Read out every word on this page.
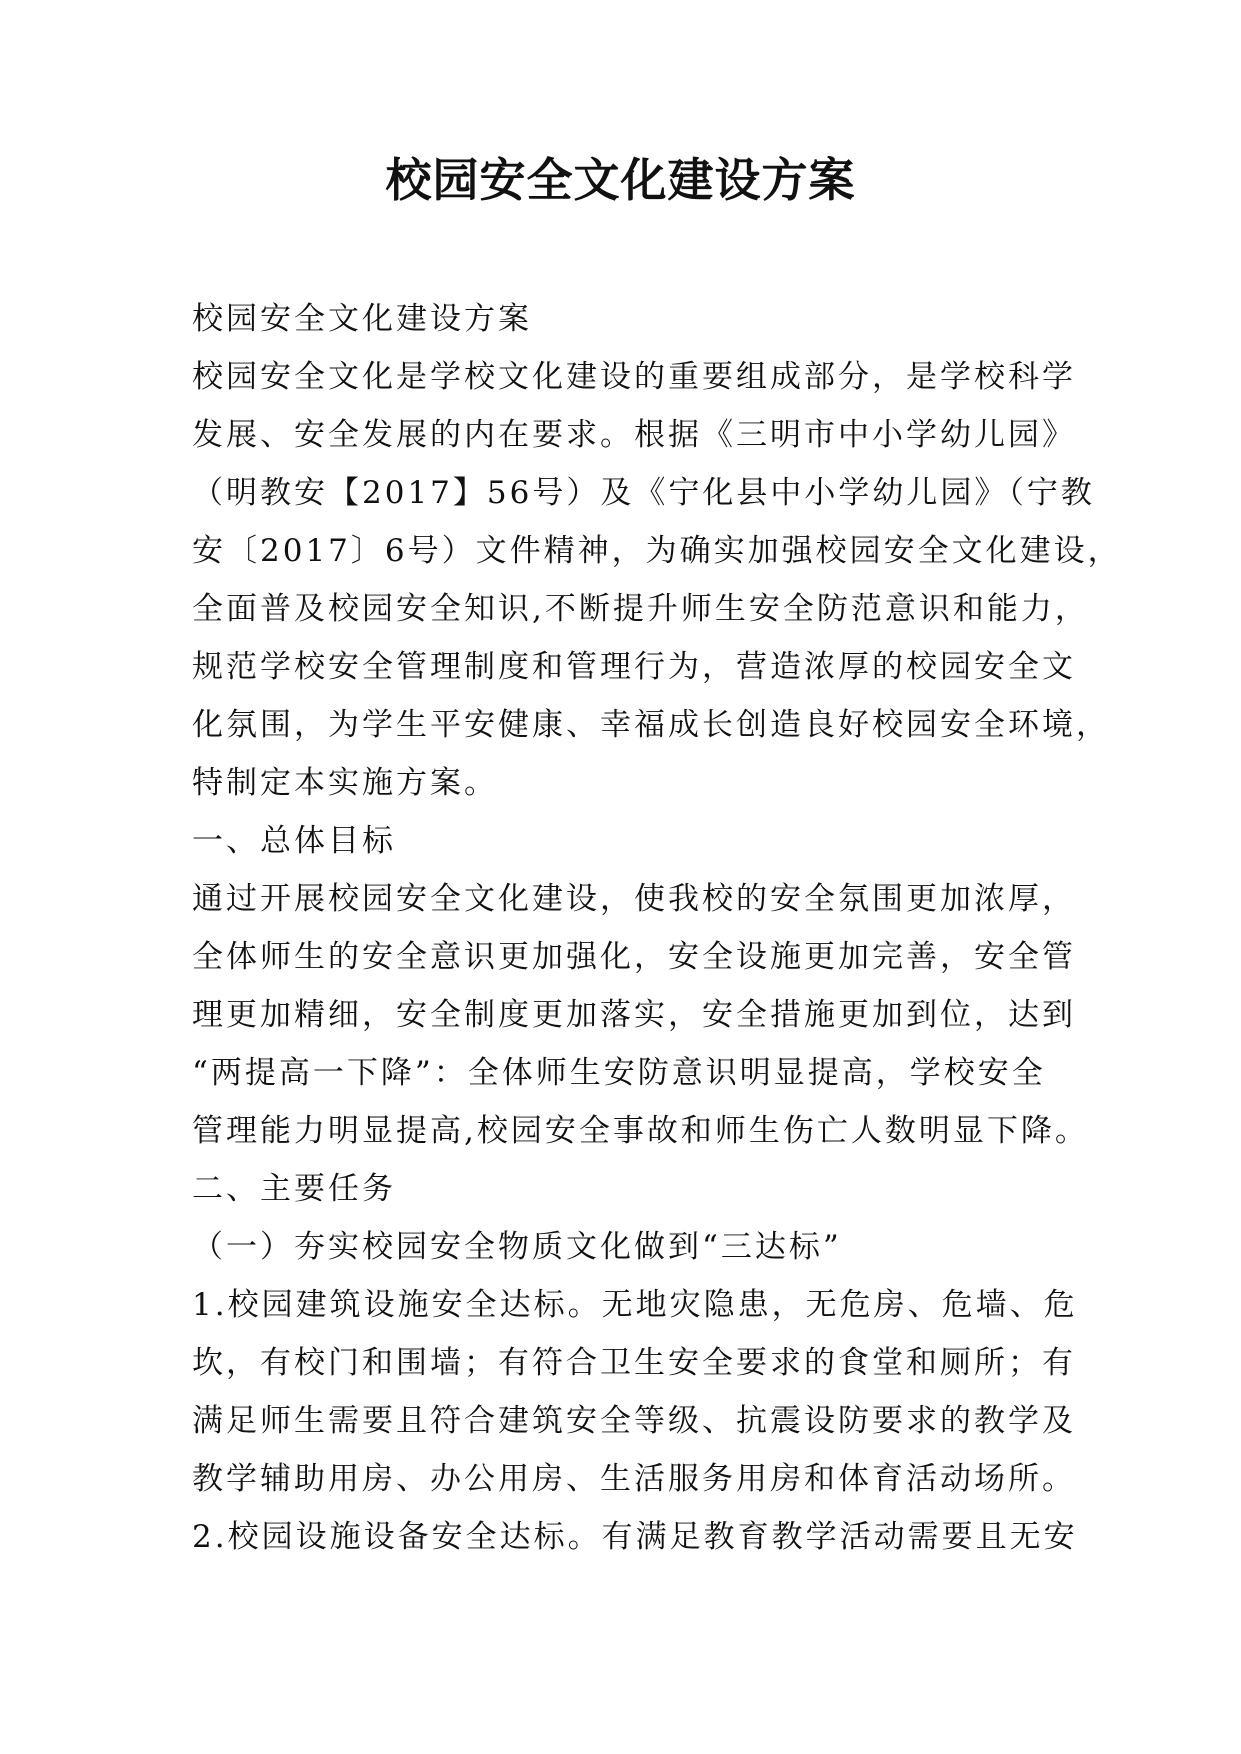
校园安全文化建设方案
校园安全文化建设方案
校园安全文化是学校文化建设的重要组成部分，是学校科学
发展、安全发展的内在要求。根据《三明市中小学幼儿园》
（明教安【2017】56号）及《宁化县中小学幼儿园》（宁教
安〔2017〕6号）文件精神，为确实加强校园安全文化建设，
全面普及校园安全知识,不断提升师生安全防范意识和能力，
规范学校安全管理制度和管理行为，营造浓厚的校园安全文
化氛围，为学生平安健康、幸福成长创造良好校园安全环境，
特制定本实施方案。
一、总体目标
通过开展校园安全文化建设，使我校的安全氛围更加浓厚，
全体师生的安全意识更加强化，安全设施更加完善，安全管
理更加精细，安全制度更加落实，安全措施更加到位，达到
“两提高一下降”：全体师生安防意识明显提高，学校安全
管理能力明显提高,校园安全事故和师生伤亡人数明显下降。
二、主要任务
（一）夯实校园安全物质文化做到“三达标”
1.校园建筑设施安全达标。无地灾隐患，无危房、危墙、危
坎，有校门和围墙；有符合卫生安全要求的食堂和厕所；有
满足师生需要且符合建筑安全等级、抗震设防要求的教学及
教学辅助用房、办公用房、生活服务用房和体育活动场所。
2.校园设施设备安全达标。有满足教育教学活动需要且无安
